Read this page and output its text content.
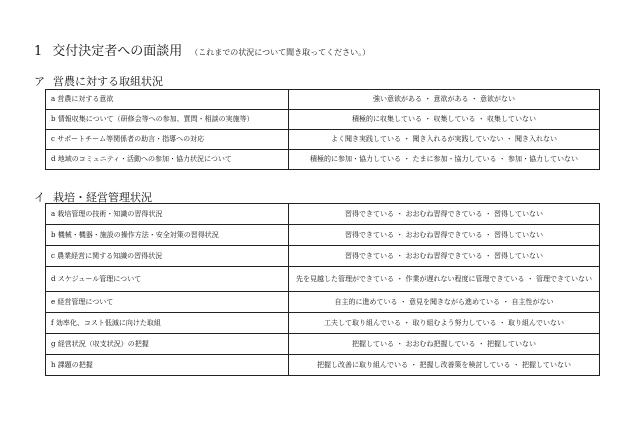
1 交付決定者への面談用 （これまでの状況について聞き取ってください。）
ア 営農に対する取組状況
a 営農に対する意欲	強い意欲がある ・ 意欲がある ・ 意欲がない
b 情報収集について（研修会等への参加、質問・相談の実施等）	積極的に収集している ・ 収集している ・ 収集していない
c サポートチーム等関係者の助言・指導への対応	よく聞き実践している ・ 聞き入れるが実践していない ・ 聞き入れない
d 地域のコミュニティ・活動への参加・協力状況について	積極的に参加・協力している ・ たまに参加・協力している ・ 参加・協力していない
イ 栽培・経営管理状況
a 栽培管理の技術・知識の習得状況	習得できている ・ おおむね習得できている ・ 習得していない
b 機械・機器・施設の操作方法・安全対策の習得状況	習得できている ・ おおむね習得できている ・ 習得していない
c 農業経営に関する知識の習得状況	習得できている ・ おおむね習得できている ・ 習得していない
d スケジュール管理について	先を見越した管理ができている ・ 作業が遅れない程度に管理できている ・ 管理できていない
e 経営管理について	自主的に進めている ・ 意見を聞きながら進めている ・ 自主性がない
f 効率化、コスト低減に向けた取組	工夫して取り組んでいる ・ 取り組むよう努力している ・ 取り組んでいない
g 経営状況（収支状況）の把握	把握している ・ おおむね把握している ・ 把握していない
h 課題の把握	把握し改善に取り組んでいる ・ 把握し改善策を検討している ・ 把握していない
